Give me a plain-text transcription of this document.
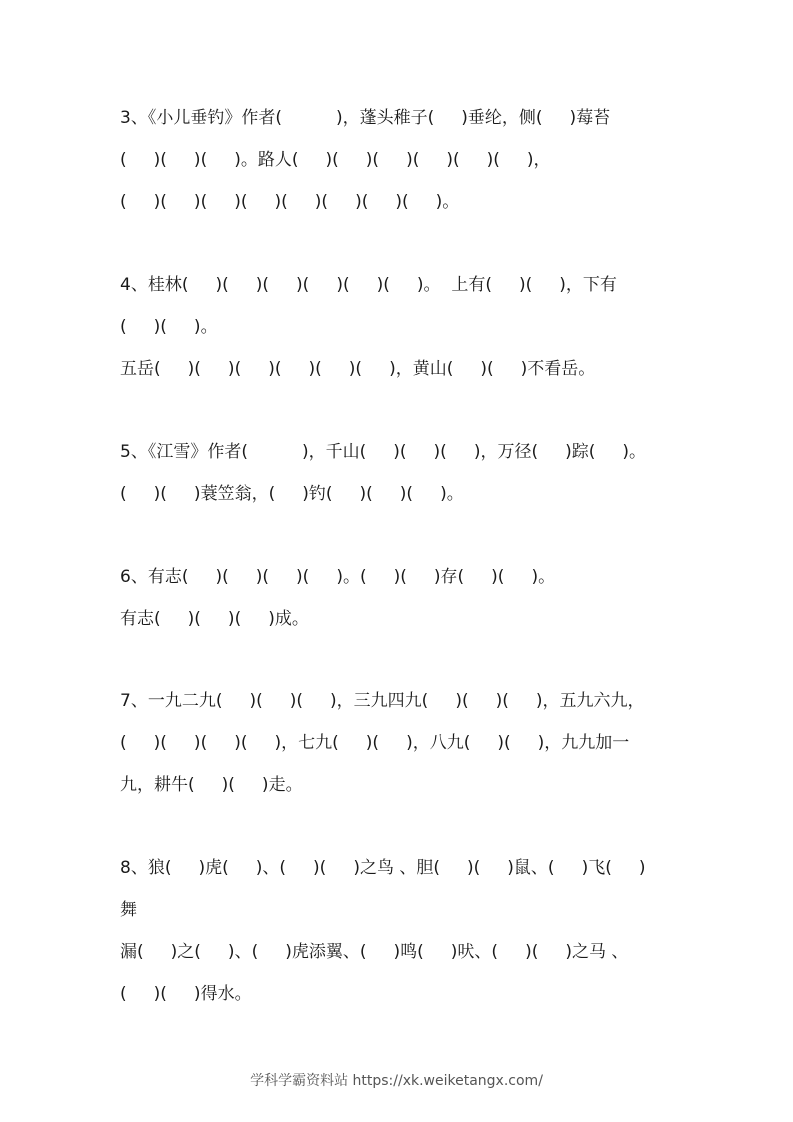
3、《小儿垂钓》作者(          )，蓬头稚子(     )垂纶，侧(     )莓苔
(     )(     )(     )。路人(     )(     )(     )(     )(     )(     )，
(     )(     )(     )(     )(     )(     )(     )(     )。
4、桂林(     )(     )(     )(     )(     )(     )。  上有(     )(     )，下有
(     )(     )。
五岳(     )(     )(     )(     )(     )(     )，黄山(     )(     )不看岳。
5、《江雪》作者(          )，千山(     )(     )(     )，万径(     )踪(     )。
(     )(     )蓑笠翁，(     )钓(     )(     )(     )。
6、有志(     )(     )(     )(     )。(     )(     )存(     )(     )。
有志(     )(     )(     )成。
7、一九二九(     )(     )(     )，三九四九(     )(     )(     )，五九六九，
(     )(     )(     )(     )，七九(     )(     )，八九(     )(     )，九九加一
九，耕牛(     )(     )走。
8、狼(     )虎(     )、(     )(     )之鸟 、胆(     )(     )鼠、(     )飞(     )
舞
漏(     )之(     )、(     )虎添翼、(     )鸣(     )吠、(     )(     )之马 、
(     )(     )得水。
学科学霸资料站 https://xk.weiketangx.com/
